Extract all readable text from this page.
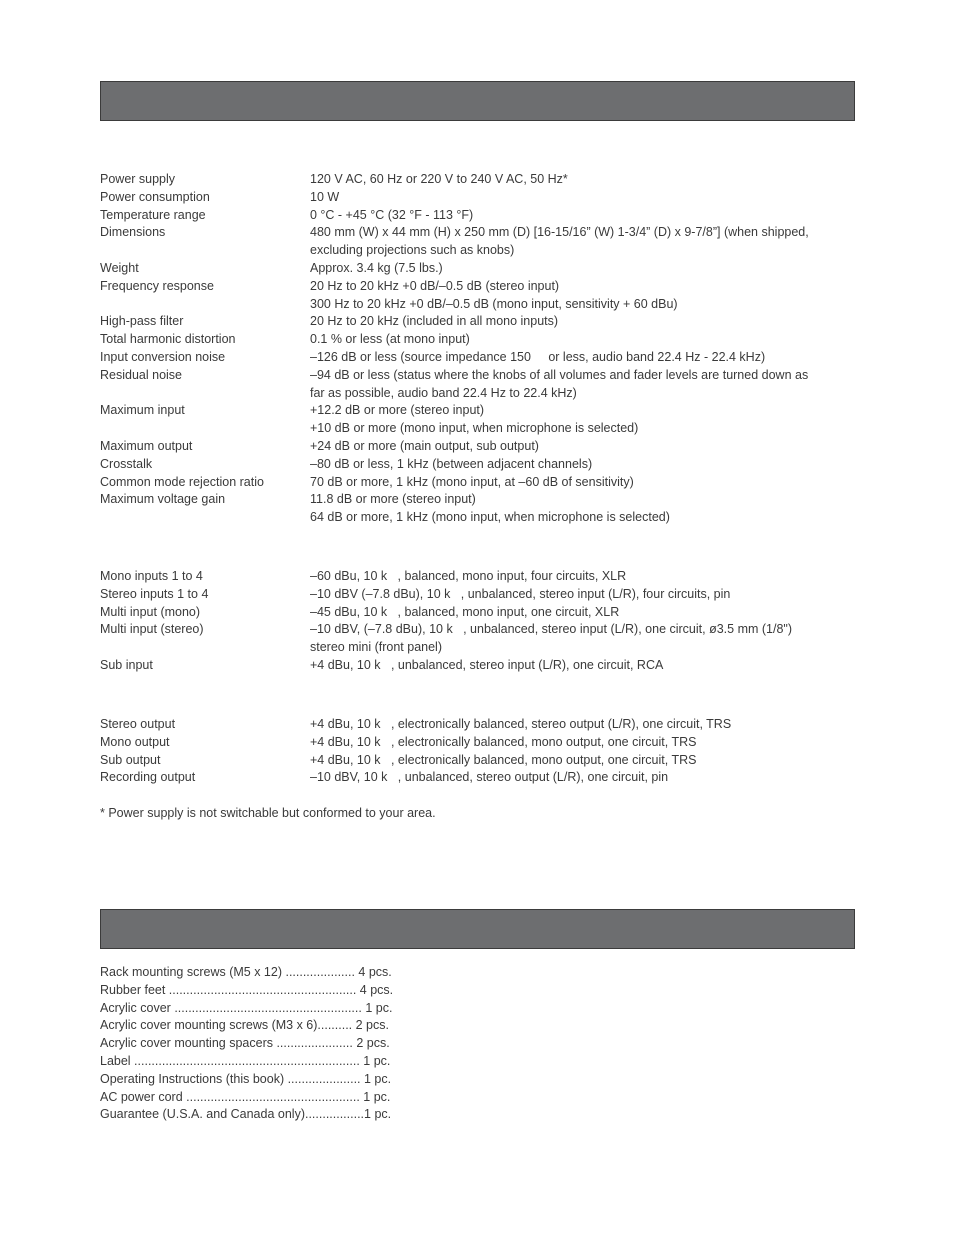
Power supply	120 V AC, 60 Hz or 220 V to 240 V AC, 50 Hz*
Power consumption	10 W
Temperature range	0 °C - +45 °C (32 °F - 113 °F)
Dimensions	480 mm (W) x 44 mm (H) x 250 mm (D) [16-15/16” (W) 1-3/4” (D) x 9-7/8”] (when shipped,
excluding projections such as knobs)
Weight	Approx. 3.4 kg (7.5 lbs.)
Frequency response	20 Hz to 20 kHz +0 dB/–0.5 dB (stereo input)
300 Hz to 20 kHz +0 dB/–0.5 dB (mono input, sensitivity + 60 dBu)
High-pass filter	20 Hz to 20 kHz (included in all mono inputs)
Total harmonic distortion	0.1 % or less (at mono input)
Input conversion noise	–126 dB or less (source impedance 150     or less, audio band 22.4 Hz - 22.4 kHz)
Residual noise	–94 dB or less (status where the knobs of all volumes and fader levels are turned down as
far as possible, audio band 22.4 Hz to 22.4 kHz)
Maximum input	+12.2 dB or more (stereo input)
+10 dB or more (mono input, when microphone is selected)
Maximum output	+24 dB or more (main output, sub output)
Crosstalk	–80 dB or less, 1 kHz (between adjacent channels)
Common mode rejection ratio	70 dB or more, 1 kHz (mono input, at –60 dB of sensitivity)
Maximum voltage gain	11.8 dB or more (stereo input)
64 dB or more, 1 kHz (mono input, when microphone is selected)
Mono inputs 1 to 4	–60 dBu, 10 k   , balanced, mono input, four circuits, XLR
Stereo inputs 1 to 4	–10 dBV (–7.8 dBu), 10 k   , unbalanced, stereo input (L/R), four circuits, pin
Multi input (mono)	–45 dBu, 10 k   , balanced, mono input, one circuit, XLR
Multi input (stereo)	–10 dBV, (–7.8 dBu), 10 k   , unbalanced, stereo input (L/R), one circuit, ø3.5 mm (1/8")
stereo mini (front panel)
Sub input	+4 dBu, 10 k   , unbalanced, stereo input (L/R), one circuit, RCA
Stereo output	+4 dBu, 10 k   , electronically balanced, stereo output (L/R), one circuit, TRS
Mono output	+4 dBu, 10 k   , electronically balanced, mono output, one circuit, TRS
Sub output	+4 dBu, 10 k   , electronically balanced, mono output, one circuit, TRS
Recording output	–10 dBV, 10 k   , unbalanced, stereo output (L/R), one circuit, pin
* Power supply is not switchable but conformed to your area.
Rack mounting screws (M5 x 12) .................... 4 pcs.
Rubber feet ...................................................... 4 pcs.
Acrylic cover ...................................................... 1 pc.
Acrylic cover mounting screws (M3 x 6).......... 2 pcs.
Acrylic cover mounting spacers ...................... 2 pcs.
Label ................................................................. 1 pc.
Operating Instructions (this book) ..................... 1 pc.
AC power cord .................................................. 1 pc.
Guarantee (U.S.A. and Canada only).................1 pc.
